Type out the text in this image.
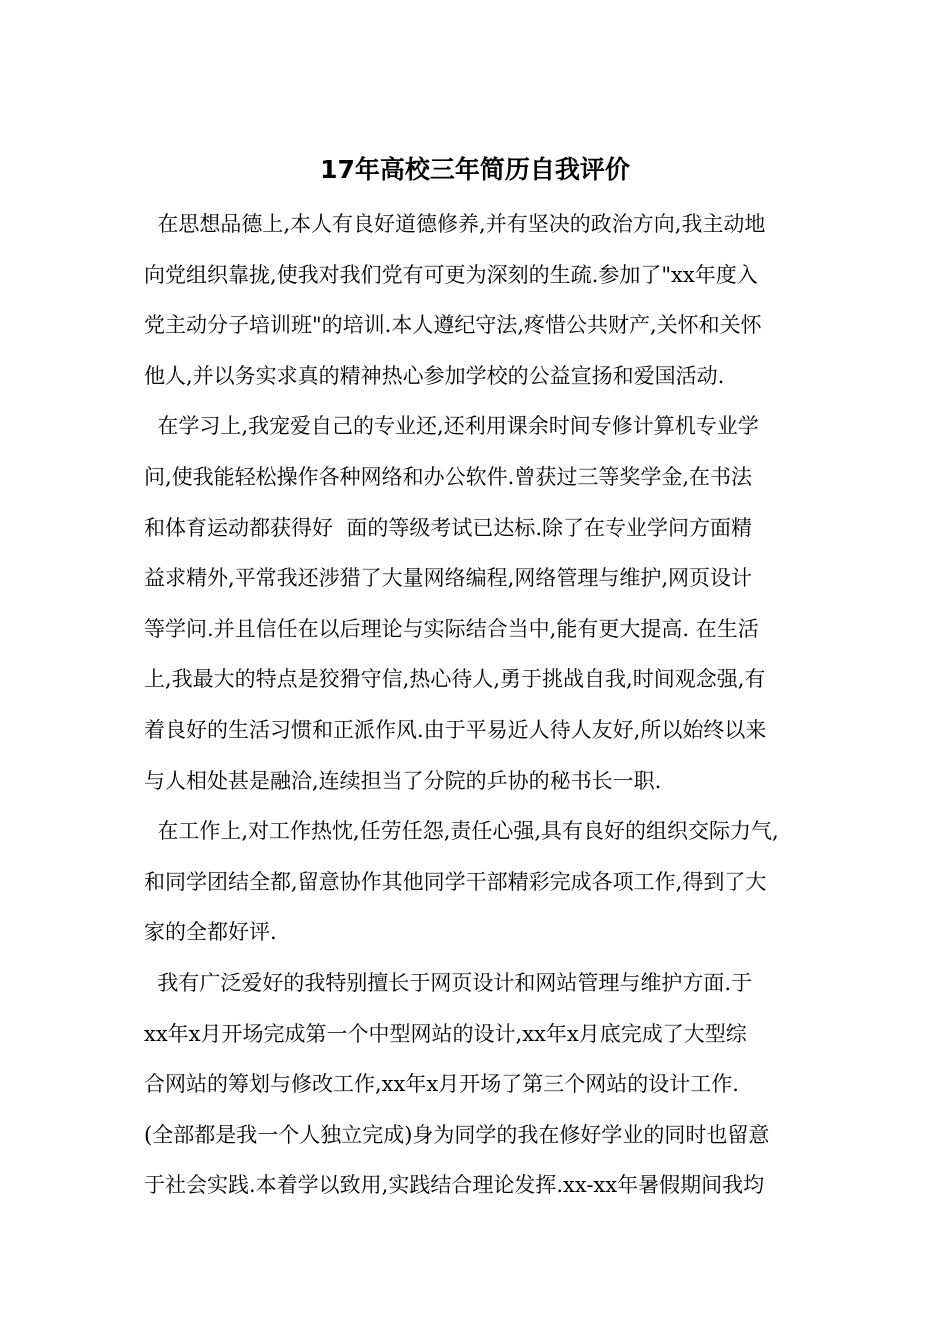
17年高校三年简历自我评价
在思想品德上,本人有良好道德修养,并有坚决的政治方向,我主动地
向党组织靠拢,使我对我们党有可更为深刻的生疏.参加了"xx年度入
党主动分子培训班"的培训.本人遵纪守法,疼惜公共财产,关怀和关怀
他人,并以务实求真的精神热心参加学校的公益宣扬和爱国活动.
在学习上,我宠爱自己的专业还,还利用课余时间专修计算机专业学
问,使我能轻松操作各种网络和办公软件.曾获过三等奖学金,在书法
和体育运动都获得好  面的等级考试已达标.除了在专业学问方面精
益求精外,平常我还涉猎了大量网络编程,网络管理与维护,网页设计
等学问.并且信任在以后理论与实际结合当中,能有更大提高. 在生活
上,我最大的特点是狡猾守信,热心待人,勇于挑战自我,时间观念强,有
着良好的生活习惯和正派作风.由于平易近人待人友好,所以始终以来
与人相处甚是融洽,连续担当了分院的乒协的秘书长一职.
在工作上,对工作热忱,任劳任怨,责任心强,具有良好的组织交际力气,
和同学团结全都,留意协作其他同学干部精彩完成各项工作,得到了大
家的全都好评.
我有广泛爱好的我特别擅长于网页设计和网站管理与维护方面.于
xx年x月开场完成第一个中型网站的设计,xx年x月底完成了大型综
合网站的筹划与修改工作,xx年x月开场了第三个网站的设计工作.
(全部都是我一个人独立完成)身为同学的我在修好学业的同时也留意
于社会实践.本着学以致用,实践结合理论发挥.xx-xx年暑假期间我均
